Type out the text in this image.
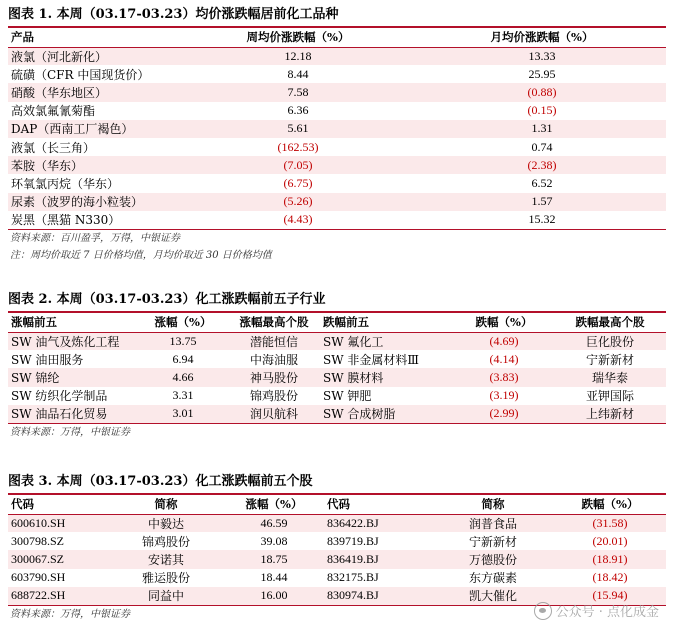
图表 1. 本周（03.17-03.23）均价涨跌幅居前化工品种
产品	周均价涨跌幅（%）	月均价涨跌幅（%）
液氯（河北新化）	12.18	13.33
硫磺（CFR 中国现货价）	8.44	25.95
硝酸（华东地区）	7.58	(0.88)
高效氯氟氰菊酯	6.36	(0.15)
DAP（西南工厂褐色）	5.61	1.31
液氯（长三角）	(162.53)	0.74
苯胺（华东）	(7.05)	(2.38)
环氧氯丙烷（华东）	(6.75)	6.52
尿素（波罗的海小粒装）	(5.26)	1.57
炭黑（黑猫 N330）	(4.43)	15.32
资料来源：百川盈孚，万得，中银证券
注：周均价取近 7 日价格均值，月均价取近 30 日价格均值
图表 2. 本周（03.17-03.23）化工涨跌幅前五子行业
涨幅前五	涨幅（%）	涨幅最高个股	跌幅前五	跌幅（%）	跌幅最高个股
SW 油气及炼化工程	13.75	潜能恒信	SW 氟化工	(4.69)	巨化股份
SW 油田服务	6.94	中海油服	SW 非金属材料Ⅲ	(4.14)	宁新新材
SW 锦纶	4.66	神马股份	SW 膜材料	(3.83)	瑞华泰
SW 纺织化学制品	3.31	锦鸡股份	SW 钾肥	(3.19)	亚钾国际
SW 油品石化贸易	3.01	润贝航科	SW 合成树脂	(2.99)	上纬新材
资料来源：万得，中银证券
图表 3. 本周（03.17-03.23）化工涨跌幅前五个股
代码	简称	涨幅（%）	代码	简称	跌幅（%）
600610.SH	中毅达	46.59	836422.BJ	润普食品	(31.58)
300798.SZ	锦鸡股份	39.08	839719.BJ	宁新新材	(20.01)
300067.SZ	安诺其	18.75	836419.BJ	万德股份	(18.91)
603790.SH	雅运股份	18.44	832175.BJ	东方碳素	(18.42)
688722.SH	同益中	16.00	830974.BJ	凯大催化	(15.94)
资料来源：万得，中银证券	公众号 · 点化成金
